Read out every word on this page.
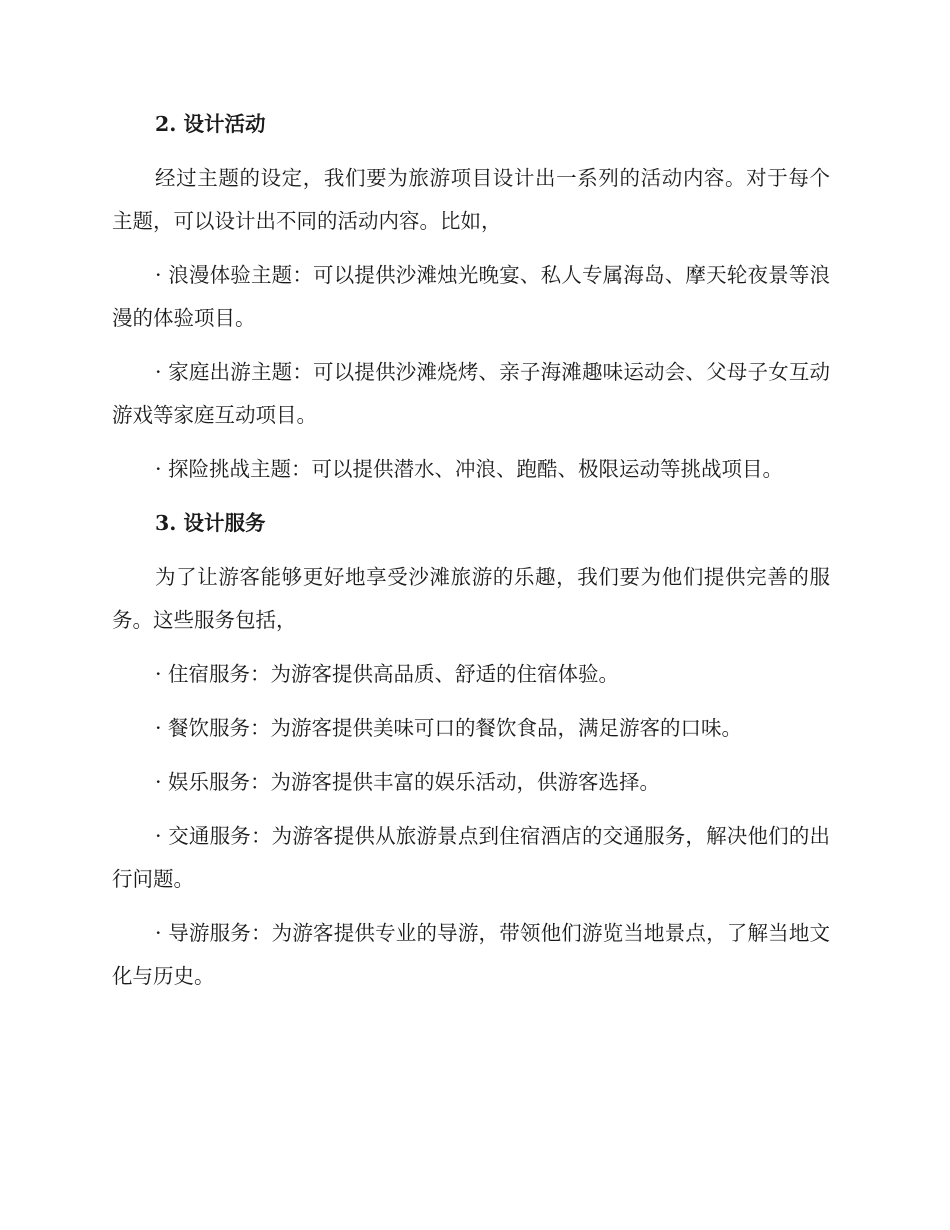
2. 设计活动

经过主题的设定，我们要为旅游项目设计出一系列的活动内容。对于每个主题，可以设计出不同的活动内容。比如，

· 浪漫体验主题：可以提供沙滩烛光晚宴、私人专属海岛、摩天轮夜景等浪漫的体验项目。

· 家庭出游主题：可以提供沙滩烧烤、亲子海滩趣味运动会、父母子女互动游戏等家庭互动项目。

· 探险挑战主题：可以提供潜水、冲浪、跑酷、极限运动等挑战项目。

3. 设计服务

为了让游客能够更好地享受沙滩旅游的乐趣，我们要为他们提供完善的服务。这些服务包括，

· 住宿服务：为游客提供高品质、舒适的住宿体验。

· 餐饮服务：为游客提供美味可口的餐饮食品，满足游客的口味。

· 娱乐服务：为游客提供丰富的娱乐活动，供游客选择。

· 交通服务：为游客提供从旅游景点到住宿酒店的交通服务，解决他们的出行问题。

· 导游服务：为游客提供专业的导游，带领他们游览当地景点，了解当地文化与历史。
